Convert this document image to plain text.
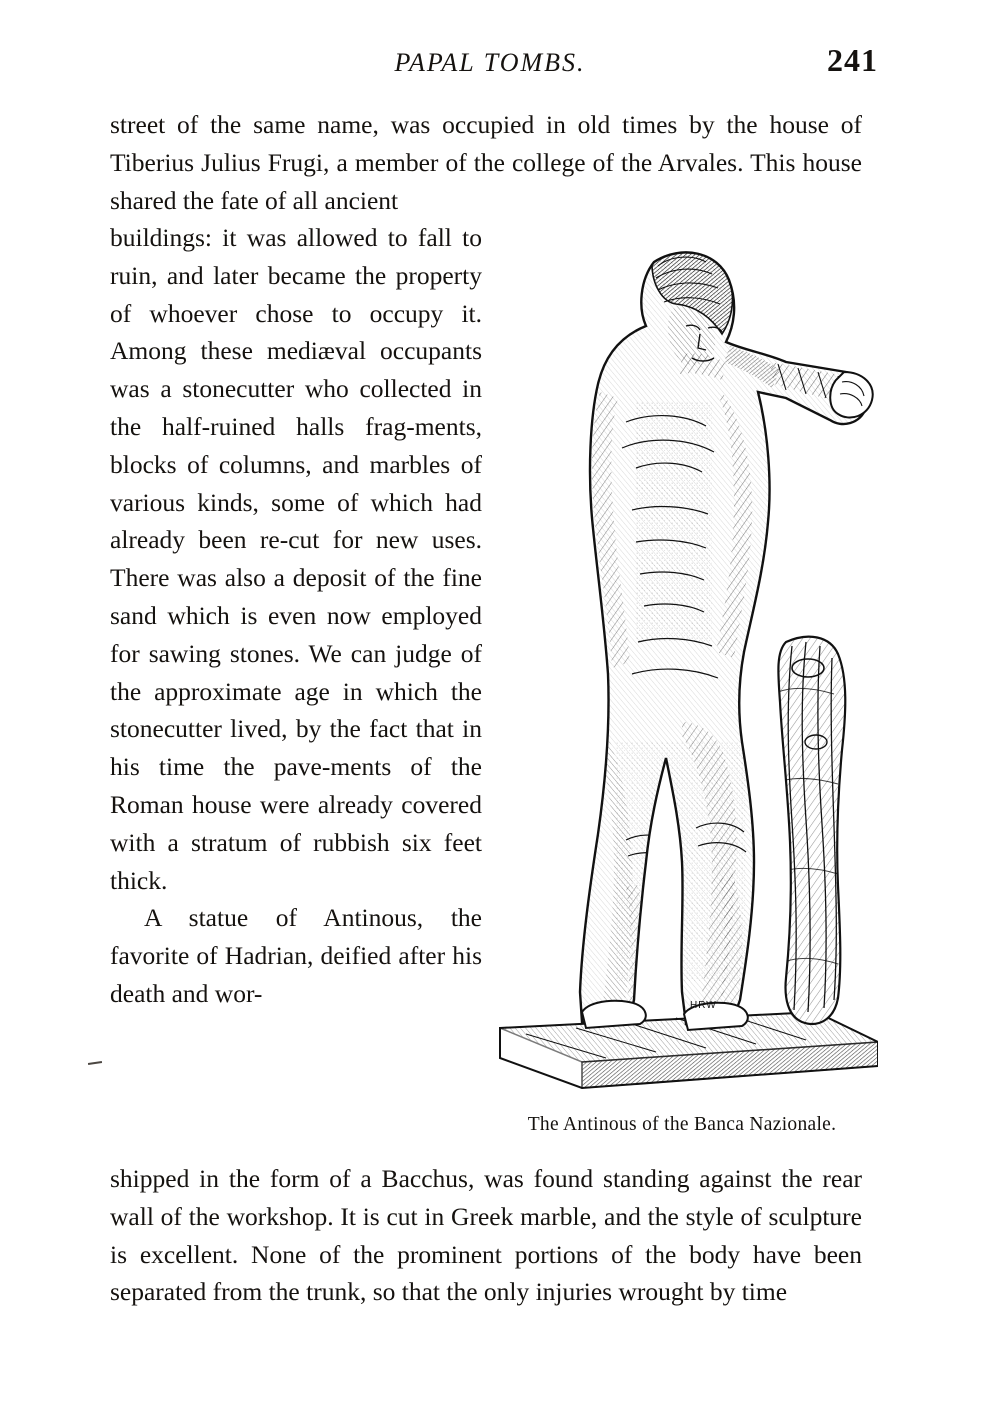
PAPAL TOMBS.	241
street of the same name, was occupied in old times by the house of Tiberius Julius Frugi, a member of the college of the Arvales. This house shared the fate of all ancient

buildings: it was allowed to fall to ruin, and later became the property of whoever chose to occupy it. Among these mediæval occupants was a stonecutter who collected in the half-ruined halls frag-ments, blocks of columns, and marbles of various kinds, some of which had already been re-cut for new uses. There was also a deposit of the fine sand which is even now employed for sawing stones. We can judge of the approximate age in which the stonecutter lived, by the fact that in his time the pave-ments of the Roman house were already covered with a stratum of rubbish six feet thick.

A statue of Antinous, the favorite of Hadrian, deified after his death and wor-	HRW
The Antinous of the Banca Nazionale.
shipped in the form of a Bacchus, was found standing against the rear wall of the workshop. It is cut in Greek marble, and the style of sculpture is excellent. None of the prominent portions of the body have been separated from the trunk, so that the only injuries wrought by time
